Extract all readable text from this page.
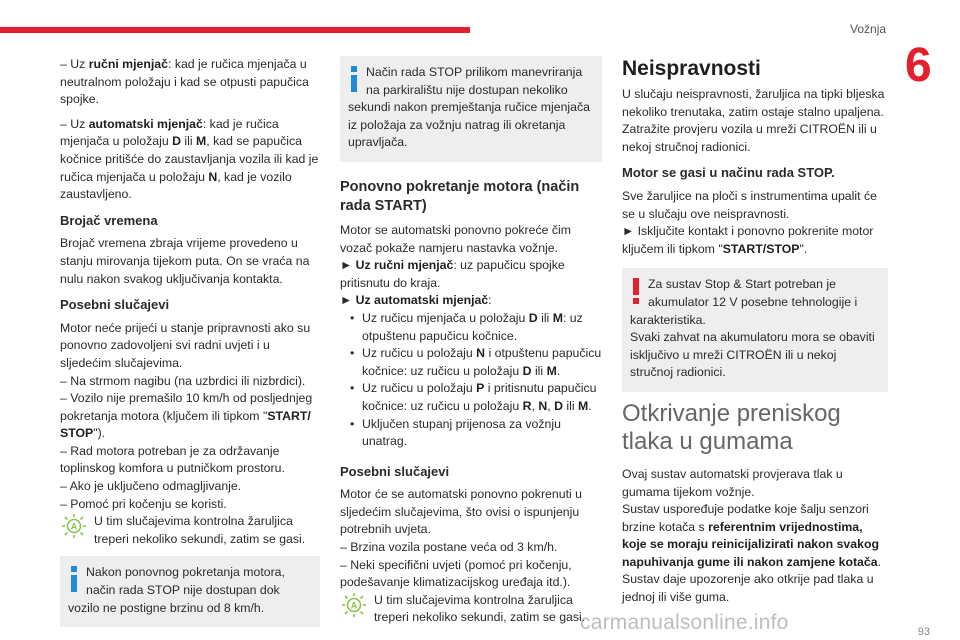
Vožnja
6

– Uz ručni mjenjač: kad je ručica mjenjača u neutralnom položaju i kad se otpusti papučica spojke.

– Uz automatski mjenjač: kad je ručica mjenjača u položaju D ili M, kad se papučica kočnice pritišće do zaustavljanja vozila ili kad je ručica mjenjača u položaju N, kad je vozilo zaustavljeno.

Brojač vremena

Brojač vremena zbraja vrijeme provedeno u stanju mirovanja tijekom puta. On se vraća na nulu nakon svakog uključivanja kontakta.

Posebni slučajevi
Motor neće prijeći u stanje pripravnosti ako su ponovno zadovoljeni svi radni uvjeti i u sljedećim slučajevima.
– Na strmom nagibu (na uzbrdici ili nizbrdici).
– Vozilo nije premašilo 10 km/h od posljednjeg pokretanja motora (ključem ili tipkom "START/ STOP").
– Rad motora potreban je za održavanje toplinskog komfora u putničkom prostoru.
– Ako je uključeno odmagljivanje.
– Pomoć pri kočenju se koristi.
A U tim slučajevima kontrolna žaruljica treperi nekoliko sekundi, zatim se gasi.
Nakon ponovnog pokretanja motora, način rada STOP nije dostupan dok vozilo ne postigne brzinu od 8 km/h.
Način rada STOP prilikom manevriranja na parkiralištu nije dostupan nekoliko sekundi nakon premještanja ručice mjenjača iz položaja za vožnju natrag ili okretanja upravljača.
Ponovno pokretanje motora (način rada START)
Motor se automatski ponovno pokreće čim vozač pokaže namjeru nastavka vožnje.
► Uz ručni mjenjač: uz papučicu spojke pritisnutu do kraja.
► Uz automatski mjenjač:
• Uz ručicu mjenjača u položaju D ili M: uz otpuštenu papučicu kočnice.
• Uz ručicu u položaju N i otpuštenu papučicu kočnice: uz ručicu u položaju D ili M.
• Uz ručicu u položaju P i pritisnutu papučicu kočnice: uz ručicu u položaju R, N, D ili M.
• Uključen stupanj prijenosa za vožnju unatrag.
Posebni slučajevi
Motor će se automatski ponovno pokrenuti u sljedećim slučajevima, što ovisi o ispunjenju potrebnih uvjeta.
– Brzina vozila postane veća od 3 km/h.
– Neki specifični uvjeti (pomoć pri kočenju, podešavanje klimatizacijskog uređaja itd.).
A U tim slučajevima kontrolna žaruljica treperi nekoliko sekundi, zatim se gasi.
Neispravnosti

U slučaju neispravnosti, žaruljica na tipki bljeska nekoliko trenutaka, zatim ostaje stalno upaljena. Zatražite provjeru vozila u mreži CITROËN ili u nekoj stručnoj radionici.

Motor se gasi u načinu rada STOP.
Sve žaruljice na ploči s instrumentima upalit će se u slučaju ove neispravnosti.
► Isključite kontakt i ponovno pokrenite motor ključem ili tipkom "START/STOP".
Za sustav Stop & Start potreban je akumulator 12 V posebne tehnologije i karakteristika.
Svaki zahvat na akumulatoru mora se obaviti isključivo u mreži CITROËN ili u nekoj stručnoj radionici.
Otkrivanje preniskog tlaka u gumama
Ovaj sustav automatski provjerava tlak u gumama tijekom vožnje.
Sustav uspoređuje podatke koje šalju senzori brzine kotača s referentnim vrijednostima, koje se moraju reinicijalizirati nakon svakog napuhivanja gume ili nakon zamjene kotača.
Sustav daje upozorenje ako otkrije pad tlaka u jednoj ili više guma.
carmanualsonline.info	93
